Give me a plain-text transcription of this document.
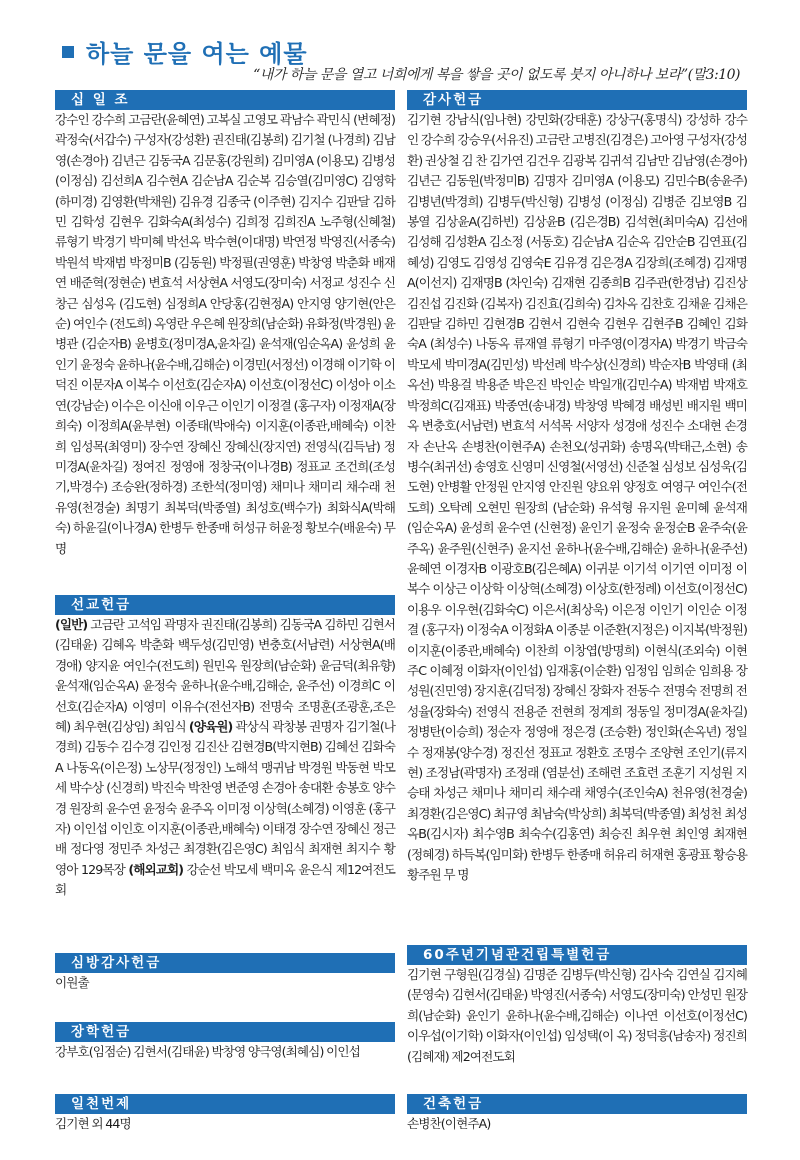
하늘 문을 여는 예물
“내가 하늘 문을 열고 너희에게 복을 쌓을 곳이 없도록 붓지 아니하나 보라”(말3:10)
십 일 조
강수인 강수희 고금란(윤혜연) 고복실 고영모 곽남수 곽민식 (변혜정) 곽정숙(서갑수) 구성자(강성환) 권진태(김봉희) 김기철 (나경희) 김남영(손경아) 김년근 김동국A 김문홍(강원희) 김미영A (이용모) 김병성(이정심) 김선희A 김수현A 김순남A 김순복 김승열(김미영C) 김영학(하미경) 김영환(박채원) 김유경 김종국 (이주현) 김지수 김판달 김하민 김학성 김현우 김화숙A(최성수) 김희정 김희진A 노주형(신혜철) 류형기 박경기 박미혜 박선옥 박수현(이대명) 박연정 박영진(서종숙) 박원석 박재범 박정미B (김동원) 박정필(권영훈) 박창영 박춘화 배재연 배준혁(정현순) 변효석 서상현A 서영도(장미숙) 서정교 성진수 신창근 심성옥 (김도현) 심정희A 안당홍(김현정A) 안지영 양기현(안은순) 여인수 (전도희) 옥영란 우은혜 원장희(남순화) 유화정(박경원) 윤병관 (김순자B) 윤병호(정미경A,윤차길) 윤석재(임순옥A) 윤성희 윤인기 윤정숙 윤하나(윤수배,김해순) 이경민(서정선) 이경해 이기학 이덕진 이문자A 이복수 이선호(김순자A) 이선호(이정선C) 이성아 이소연(강남순) 이수은 이신애 이우근 이인기 이정결 (홍구자) 이정재A(장희숙) 이정희A(윤부현) 이종태(박애숙) 이지훈(이종관,배혜숙) 이찬희 임성목(최영미) 장수연 장혜신 장혜신(장지연) 전영식(김득남) 정미경A(윤차길) 정여진 정영애 정창국(이나경B) 정표교 조건희(조성기,박경수) 조승완(정하경) 조한석(정미영) 채미나 채미리 채수래 천유영(천경술) 최명기 최복덕(박종열) 최성호(백수가) 최화식A(박해숙) 하윤길(이나경A) 한병두 한종매 허성규 허윤정 황보수(배윤숙) 무 명
선교헌금
(일반) 고금란 고석임 곽명자 권진태(김봉희) 김동국A 김하민 김현서(김태윤) 김혜옥 박춘화 백두성(김민영) 변충호(서남련) 서상현A(배경애) 양지윤 여인수(전도희) 원민옥 원장희(남순화) 윤금덕(최유향) 윤석재(임순옥A) 윤정숙 윤하나(윤수배,김해순, 윤주선) 이경희C 이선호(김순자A) 이영미 이유수(전선자B) 전명숙 조명훈(조광훈,조은혜) 최우현(김상임) 최임식 (양육원) 곽상식 곽창봉 권명자 김기철(나경희) 김동수 김수경 김인정 김진산 김현경B(박지현B) 김혜선 김화숙A 나동옥(이은정) 노상무(정정인) 노해석 맹귀남 박경원 박동현 박모세 박수상 (신경희) 박진숙 박찬영 변준영 손경아 송대환 송봉호 양수경 원장희 윤수연 윤정숙 윤주옥 이미정 이상혁(소혜경) 이영훈 (홍구자) 이인섭 이인호 이지훈(이종관,배혜숙) 이태경 장수연 장혜신 정근배 정다영 정민주 차성근 최경환(김은영C) 최임식 최재현 최지수 황영아 129목장 (해외교회) 강순선 박모세 백미옥 윤은식 제12여전도회
심방감사헌금
이원출
장학헌금
강부호(임점순) 김현서(김태윤) 박창영 양극영(최혜심) 이인섭
일천번제
김기현 외 44명
감사헌금
김기현 강남식(임나현) 강민화(강태훈) 강상구(홍명식) 강성하 강수인 강수희 강승우(서유진) 고금란 고병진(김경은) 고아영 구성자(강성환) 권상철 김 찬 김가연 김건우 김광복 김귀석 김남만 김남영(손경아) 김년근 김동원(박정미B) 김명자 김미영A (이용모) 김민수B(송윤주) 김병년(박경희) 김병두(박신형) 김병성 (이정심) 김병준 김보영B 김봉열 김상윤A(김하빈) 김상윤B (김은경B) 김석현(최미숙A) 김선애 김성해 김성환A 김소정 (서동호) 김순남A 김순옥 김안순B 김연표(김혜성) 김영도 김영성 김영숙E 김유경 김은경A 김장희(조혜경) 김재명A(이선지) 김재명B (차인숙) 김재현 김종희B 김주관(한경남) 김진상 김진섭 김진화 (김복자) 김진효(김희숙) 김차옥 김찬호 김채윤 김채은 김판달 김하민 김현경B 김현서 김현숙 김현우 김현주B 김혜인 김화숙A (최성수) 나동옥 류재열 류형기 마주영(이경자A) 박경기 박금숙 박모세 박미경A(김민성) 박선례 박수상(신경희) 박순자B 박영태 (최옥선) 박용걸 박용준 박은진 박인순 박일개(김민수A) 박재범 박재호 박정희C(김재표) 박종연(송내경) 박창영 박혜경 배성빈 배지원 백미옥 변충호(서남련) 변효석 서석목 서양자 성경애 성진수 소대현 손경자 손난옥 손병찬(이현주A) 손천오(성귀화) 송명옥(박태근,소현) 송병수(최귀선) 송영호 신영미 신영철(서영선) 신준철 심성보 심성욱(김도현) 안병활 안정원 안지영 안진원 양요위 양정호 여영구 여인수(전도희) 오탁례 오현민 원장희 (남순화) 유석형 유지원 윤미혜 윤석재(임순옥A) 윤성희 윤수연 (신현정) 윤인기 윤정숙 윤정순B 윤주숙(윤주옥) 윤주원(신현주) 윤지선 윤하나(윤수배,김해순) 윤하나(윤주선) 윤혜연 이경자B 이광호B(김은혜A) 이귀분 이기석 이기연 이미정 이복수 이상근 이상학 이상혁(소혜경) 이상호(한정례) 이선호(이정선C) 이용우 이우현(김화숙C) 이은서(최상욱) 이은정 이인기 이인순 이정결 (홍구자) 이정숙A 이정화A 이종분 이준환(지정은) 이지복(박정원) 이지훈(이종관,배혜숙) 이찬희 이창엽(방명희) 이현식(조외숙) 이현주C 이혜정 이화자(이인섭) 임재홍(이순환) 임정임 임희순 임희용 장성원(진민영) 장지훈(김덕정) 장혜신 장화자 전동수 전명숙 전명희 전성율(장화숙) 전영식 전용준 전현희 정계희 정동일 정미경A(윤차길) 정병탄(이승희) 정순자 정영애 정은경 (조승환) 정인화(손옥년) 정일수 정재봉(양수경) 정진선 정표교 정환호 조명수 조양현 조인기(류지현) 조정남(곽명자) 조정래 (염분선) 조해련 조효련 조훈기 지성원 지승태 차성근 채미나 채미리 채수래 채영수(조인숙A) 천유영(천경술) 최경환(김은영C) 최규영 최남숙(박상희) 최복덕(박종열) 최성천 최성옥B(김시자) 최수영B 최숙수(김홍연) 최승진 최우현 최인영 최재현(정혜경) 하득복(임미화) 한병두 한종매 허유리 허재현 홍광표 황승용 황주원 무 명
60주년기념관건립특별헌금
김기현 구형원(김경실) 김명준 김병두(박신형) 김사숙 김연실 김지혜(문영숙) 김현서(김태윤) 박영진(서종숙) 서영도(장미숙) 안성민 원장희(남순화) 윤인기 윤하나(윤수배,김해순) 이나연 이선호(이정선C) 이우섭(이기학) 이화자(이인섭) 임성택(이 옥) 정덕흥(남송자) 정진희(김혜재) 제2여전도회
건축헌금
손병찬(이현주A)
